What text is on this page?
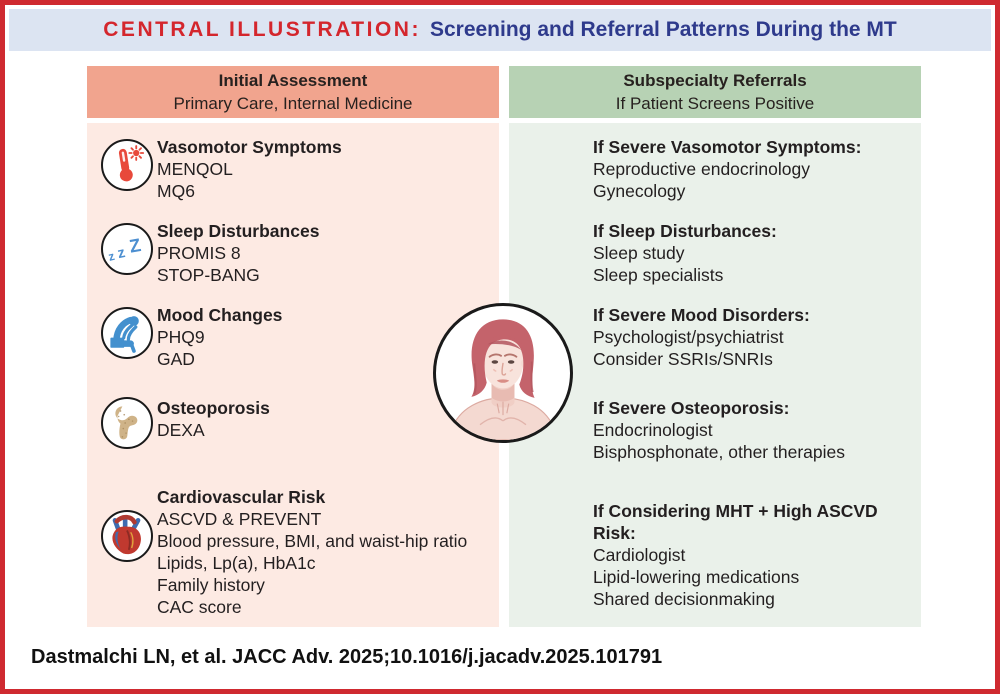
CENTRAL ILLUSTRATION: Screening and Referral Patterns During the MT
Initial Assessment
Primary Care, Internal Medicine
Subspecialty Referrals
If Patient Screens Positive
Vasomotor Symptoms
MENQOL
MQ6
z z Z
Sleep Disturbances
PROMIS 8
STOP-BANG
Mood Changes
PHQ9
GAD
Osteoporosis
DEXA
Cardiovascular Risk
ASCVD & PREVENT
Blood pressure, BMI, and waist-hip ratio
Lipids, Lp(a), HbA1c
Family history
CAC score
If Severe Vasomotor Symptoms:
Reproductive endocrinology
Gynecology
If Sleep Disturbances:
Sleep study
Sleep specialists
If Severe Mood Disorders:
Psychologist/psychiatrist
Consider SSRIs/SNRIs
If Severe Osteoporosis:
Endocrinologist
Bisphosphonate, other therapies
If Considering MHT + High ASCVD Risk:
Cardiologist
Lipid-lowering medications
Shared decisionmaking
Dastmalchi LN, et al. JACC Adv. 2025;10.1016/j.jacadv.2025.101791
